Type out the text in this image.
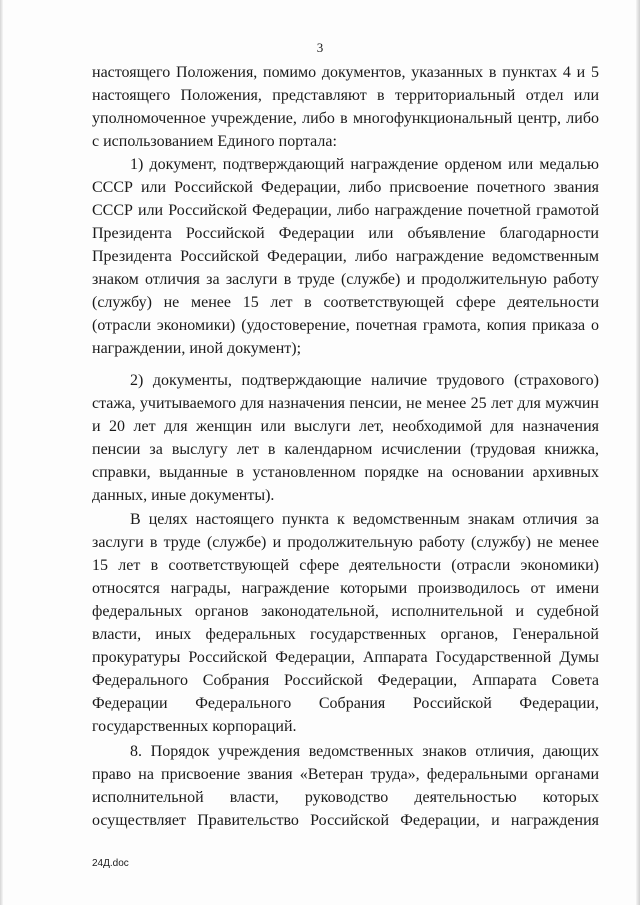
3
настоящего Положения, помимо документов, указанных в пунктах 4 и 5 настоящего Положения, представляют в территориальный отдел или уполномоченное учреждение, либо в многофункциональный центр, либо с использованием Единого портала:
1) документ, подтверждающий награждение орденом или медалью СССР или Российской Федерации, либо присвоение почетного звания СССР или Российской Федерации, либо награждение почетной грамотой Президента Российской Федерации или объявление благодарности Президента Российской Федерации, либо награждение ведомственным знаком отличия за заслуги в труде (службе) и продолжительную работу (службу) не менее 15 лет в соответствующей сфере деятельности (отрасли экономики) (удостоверение, почетная грамота, копия приказа о награждении, иной документ);
2) документы, подтверждающие наличие трудового (страхового) стажа, учитываемого для назначения пенсии, не менее 25 лет для мужчин и 20 лет для женщин или выслуги лет, необходимой для назначения пенсии за выслугу лет в календарном исчислении (трудовая книжка, справки, выданные в установленном порядке на основании архивных данных, иные документы).
В целях настоящего пункта к ведомственным знакам отличия за заслуги в труде (службе) и продолжительную работу (службу) не менее 15 лет в соответствующей сфере деятельности (отрасли экономики) относятся награды, награждение которыми производилось от имени федеральных органов законодательной, исполнительной и судебной власти, иных федеральных государственных органов, Генеральной прокуратуры Российской Федерации, Аппарата Государственной Думы Федерального Собрания Российской Федерации, Аппарата Совета Федерации Федерального Собрания Российской Федерации, государственных корпораций.
8. Порядок учреждения ведомственных знаков отличия, дающих право на присвоение звания «Ветеран труда», федеральными органами исполнительной власти, руководство деятельностью которых осуществляет Правительство Российской Федерации, и награждения
24Д.doc
